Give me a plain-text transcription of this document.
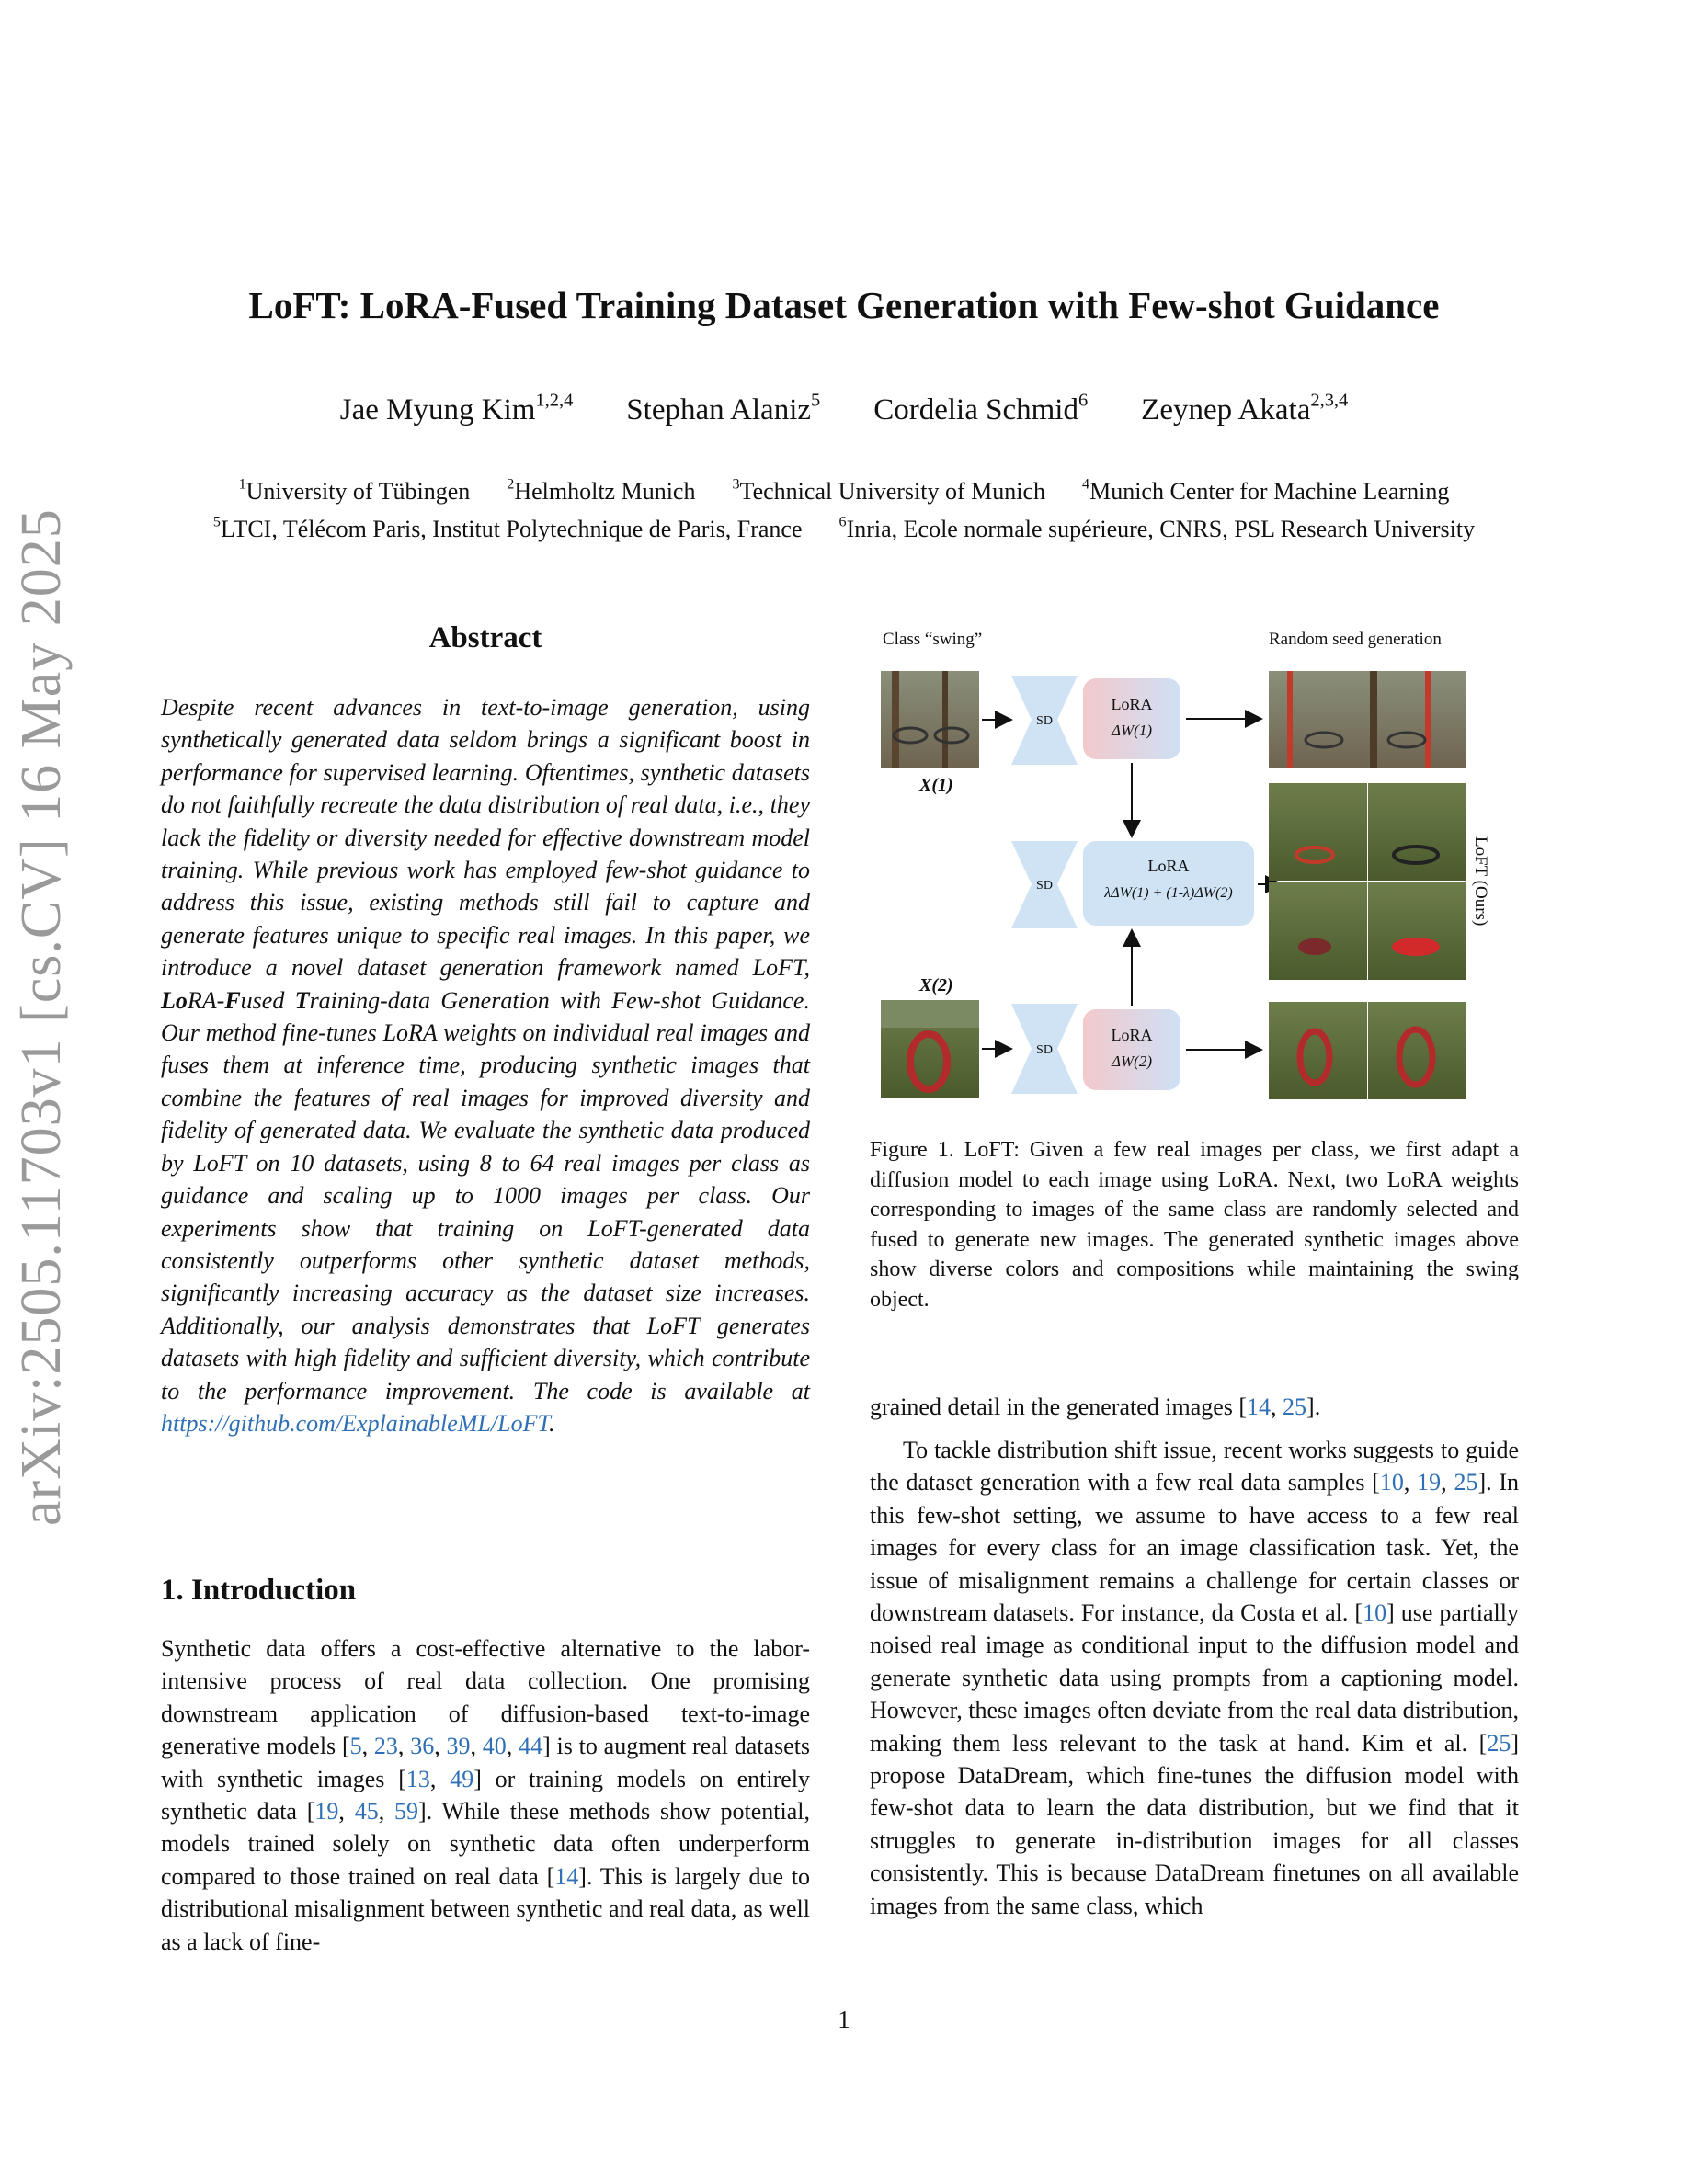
arXiv:2505.11703v1 [cs.CV] 16 May 2025
LoFT: LoRA-Fused Training Dataset Generation with Few-shot Guidance
Jae Myung Kim$^{1,2,4}$ Stephan Alaniz$^5$ Cordelia Schmid$^6$ Zeynep Akata$^{2,3,4}$
$^1$University of Tübingen $^2$Helmholtz Munich $^3$Technical University of Munich $^4$Munich Center for Machine Learning
$^5$LTCI, Télécom Paris, Institut Polytechnique de Paris, France $^6$Inria, Ecole normale supérieure, CNRS, PSL Research University
Abstract
Despite recent advances in text-to-image generation, using synthetically generated data seldom brings a significant boost in performance for supervised learning. Oftentimes, synthetic datasets do not faithfully recreate the data distribution of real data, i.e., they lack the fidelity or diversity needed for effective downstream model training. While previous work has employed few-shot guidance to address this issue, existing methods still fail to capture and generate features unique to specific real images. In this paper, we introduce a novel dataset generation framework named LoFT, LoRA-Fused Training-data Generation with Few-shot Guidance. Our method fine-tunes LoRA weights on individual real images and fuses them at inference time, producing synthetic images that combine the features of real images for improved diversity and fidelity of generated data. We evaluate the synthetic data produced by LoFT on 10 datasets, using 8 to 64 real images per class as guidance and scaling up to 1000 images per class. Our experiments show that training on LoFT-generated data consistently outperforms other synthetic dataset methods, significantly increasing accuracy as the dataset size increases. Additionally, our analysis demonstrates that LoFT generates datasets with high fidelity and sufficient diversity, which contribute to the performance improvement. The code is available at https://github.com/ExplainableML/LoFT.
Class “swing”	Random seed generation
X(1)
X(2)
SD
SD
SD
LoRA
ΔW(1)
LoRA
λΔW(1) + (1-λ)ΔW(2)
LoRA
ΔW(2)
LoFT (Ours)
Figure 1. LoFT: Given a few real images per class, we first adapt a diffusion model to each image using LoRA. Next, two LoRA weights corresponding to images of the same class are randomly selected and fused to generate new images. The generated synthetic images above show diverse colors and compositions while maintaining the swing object.
1. Introduction
Synthetic data offers a cost-effective alternative to the labor-intensive process of real data collection. One promising downstream application of diffusion-based text-to-image generative models [5, 23, 36, 39, 40, 44] is to augment real datasets with synthetic images [13, 49] or training models on entirely synthetic data [19, 45, 59]. While these methods show potential, models trained solely on synthetic data often underperform compared to those trained on real data [14]. This is largely due to distributional misalignment between synthetic and real data, as well as a lack of fine-
grained detail in the generated images [14, 25].
To tackle distribution shift issue, recent works suggests to guide the dataset generation with a few real data samples [10, 19, 25]. In this few-shot setting, we assume to have access to a few real images for every class for an image classification task. Yet, the issue of misalignment remains a challenge for certain classes or downstream datasets. For instance, da Costa et al. [10] use partially noised real image as conditional input to the diffusion model and generate synthetic data using prompts from a captioning model. However, these images often deviate from the real data distribution, making them less relevant to the task at hand. Kim et al. [25] propose DataDream, which fine-tunes the diffusion model with few-shot data to learn the data distribution, but we find that it struggles to generate in-distribution images for all classes consistently. This is because DataDream finetunes on all available images from the same class, which
1
